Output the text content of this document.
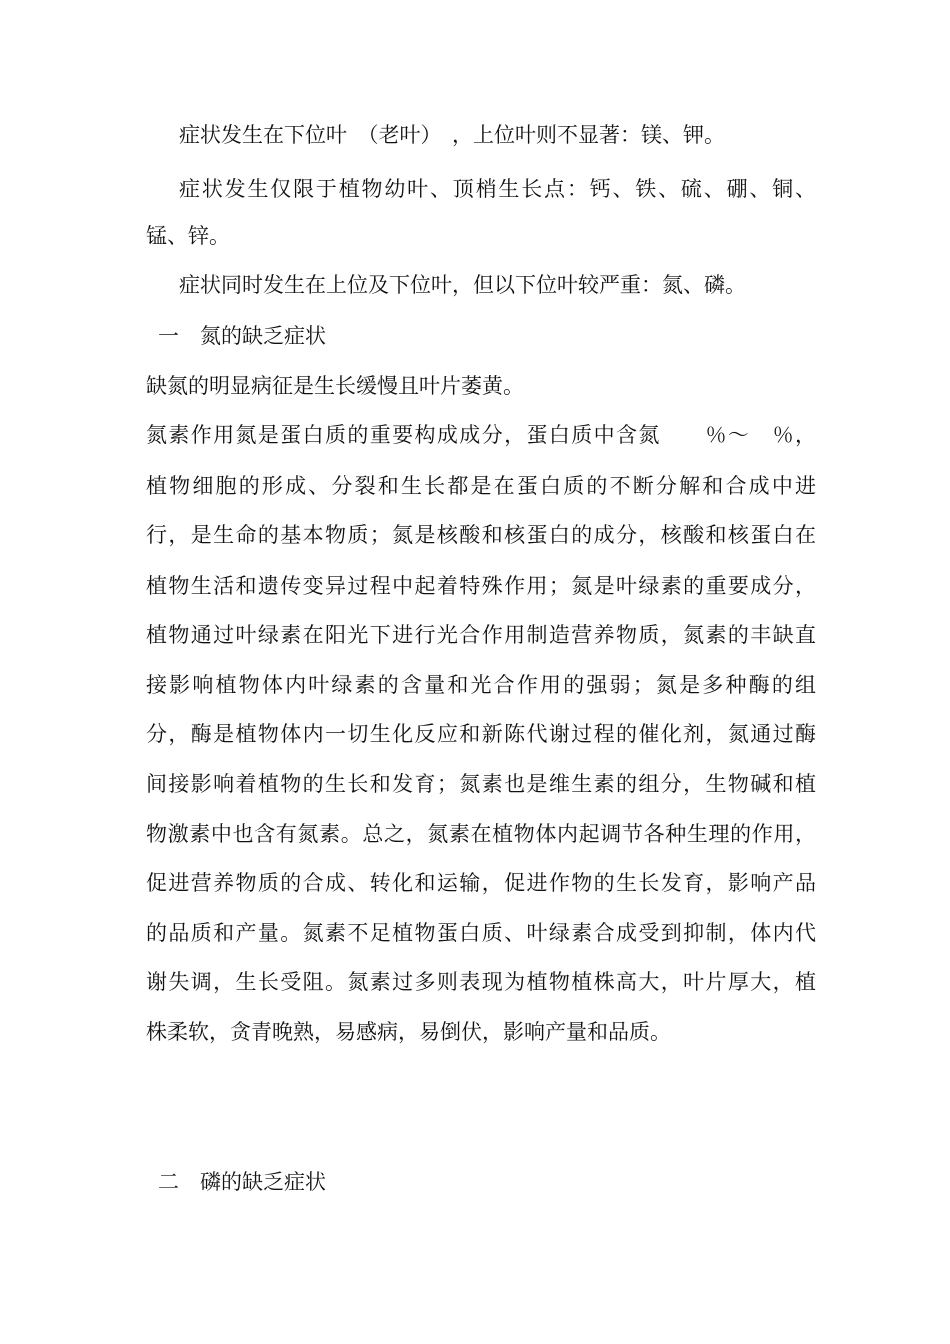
症状发生在下位叶　（老叶）　，上位叶则不显著：镁、钾。
症状发生仅限于植物幼叶、顶梢生长点：钙、铁、硫、硼、铜、
锰、锌。
症状同时发生在上位及下位叶，但以下位叶较严重：氮、磷。
一　氮的缺乏症状
缺氮的明显病征是生长缓慢且叶片萎黄。
氮素作用氮是蛋白质的重要构成成分，蛋白质中含氮　　％～　％，
植物细胞的形成、分裂和生长都是在蛋白质的不断分解和合成中进
行，是生命的基本物质；氮是核酸和核蛋白的成分，核酸和核蛋白在
植物生活和遗传变异过程中起着特殊作用；氮是叶绿素的重要成分，
植物通过叶绿素在阳光下进行光合作用制造营养物质，氮素的丰缺直
接影响植物体内叶绿素的含量和光合作用的强弱；氮是多种酶的组
分，酶是植物体内一切生化反应和新陈代谢过程的催化剂，氮通过酶
间接影响着植物的生长和发育；氮素也是维生素的组分，生物碱和植
物激素中也含有氮素。总之，氮素在植物体内起调节各种生理的作用，
促进营养物质的合成、转化和运输，促进作物的生长发育，影响产品
的品质和产量。氮素不足植物蛋白质、叶绿素合成受到抑制，体内代
谢失调，生长受阻。氮素过多则表现为植物植株高大，叶片厚大，植
株柔软，贪青晚熟，易感病，易倒伏，影响产量和品质。
二　磷的缺乏症状
